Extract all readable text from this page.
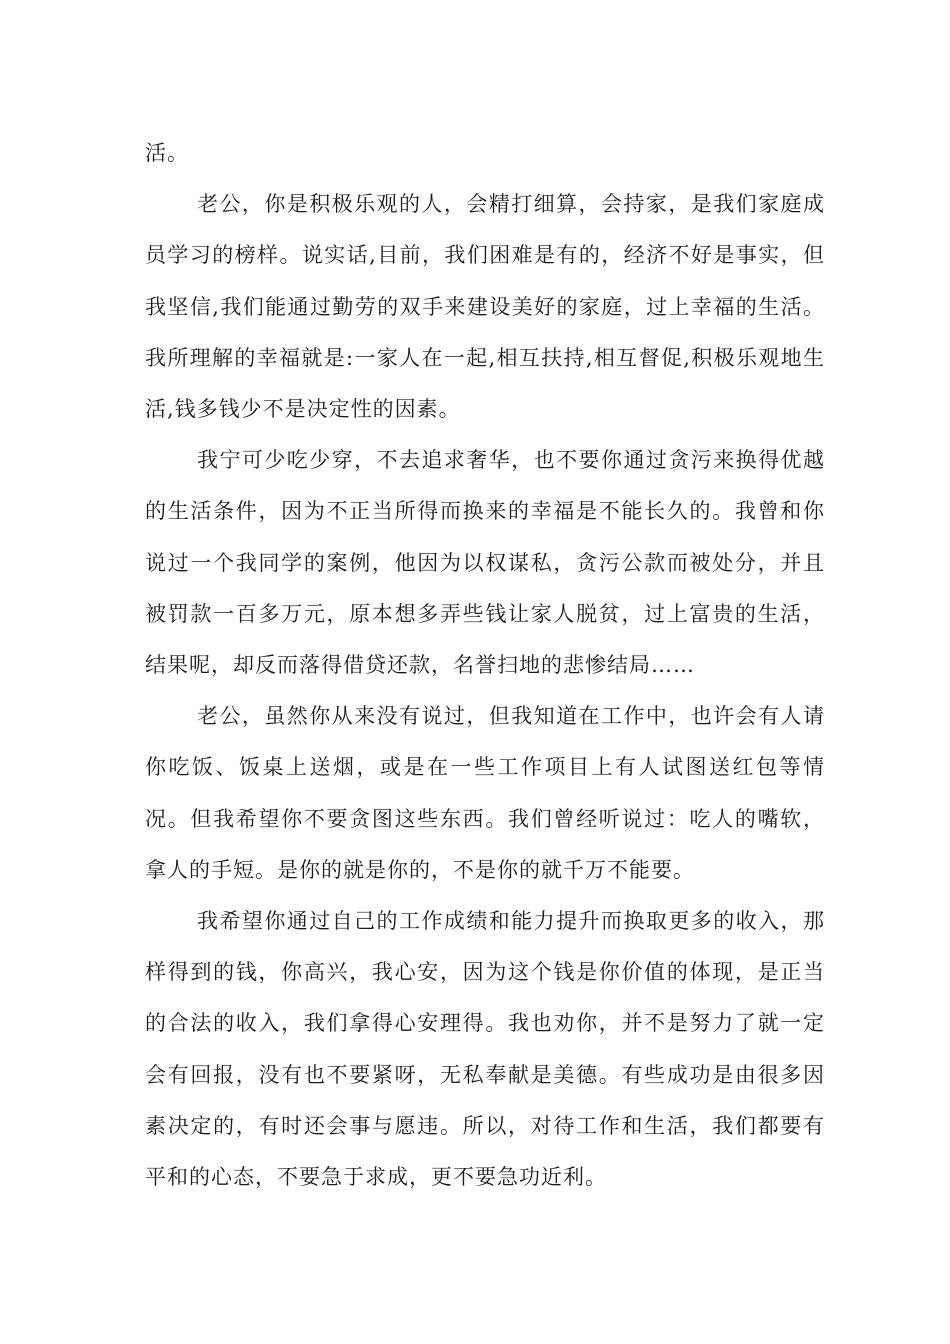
活。

老公，你是积极乐观的人，会精打细算，会持家，是我们家庭成员学习的榜样。说实话,目前，我们困难是有的，经济不好是事实，但我坚信,我们能通过勤劳的双手来建设美好的家庭，过上幸福的生活。我所理解的幸福就是:一家人在一起,相互扶持,相互督促,积极乐观地生活,钱多钱少不是决定性的因素。

我宁可少吃少穿，不去追求奢华，也不要你通过贪污来换得优越的生活条件，因为不正当所得而换来的幸福是不能长久的。我曾和你说过一个我同学的案例，他因为以权谋私，贪污公款而被处分，并且被罚款一百多万元，原本想多弄些钱让家人脱贫，过上富贵的生活，结果呢，却反而落得借贷还款，名誉扫地的悲惨结局……

老公，虽然你从来没有说过，但我知道在工作中，也许会有人请你吃饭、饭桌上送烟，或是在一些工作项目上有人试图送红包等情况。但我希望你不要贪图这些东西。我们曾经听说过：吃人的嘴软，拿人的手短。是你的就是你的，不是你的就千万不能要。

我希望你通过自己的工作成绩和能力提升而换取更多的收入，那样得到的钱，你高兴，我心安，因为这个钱是你价值的体现，是正当的合法的收入，我们拿得心安理得。我也劝你，并不是努力了就一定会有回报，没有也不要紧呀，无私奉献是美德。有些成功是由很多因素决定的，有时还会事与愿违。所以，对待工作和生活，我们都要有平和的心态，不要急于求成，更不要急功近利。
